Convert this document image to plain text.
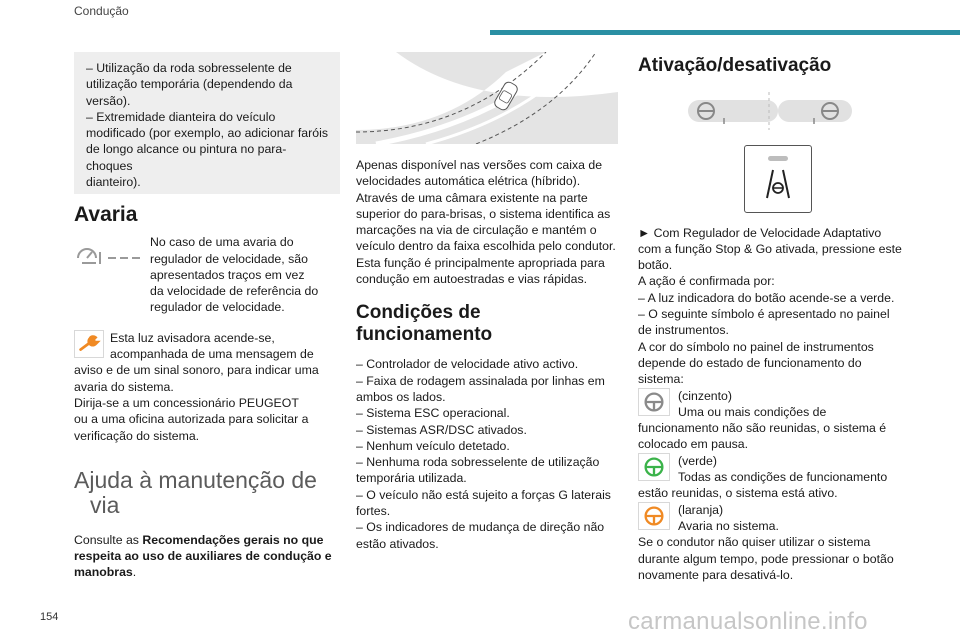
Condução

– Utilização da roda sobresselente de

utilização temporária (dependendo da

versão).

– Extremidade dianteira do veículo

modificado (por exemplo, ao adicionar faróis

de longo alcance ou pintura no para-choques

dianteiro).

Avaria

No caso de uma avaria do

regulador de velocidade, são

apresentados traços em vez

da velocidade de referência do

regulador de velocidade.

Esta luz avisadora acende-se,

acompanhada de uma mensagem de

aviso e de um sinal sonoro, para indicar uma

avaria do sistema.

Dirija-se a um concessionário PEUGEOT

ou a uma oficina autorizada para solicitar a

verificação do sistema.

Ajuda à manutenção de
via

Consulte as Recomendações gerais no que

respeita ao uso de auxiliares de condução e

manobras.

Apenas disponível nas versões com caixa de

velocidades automática elétrica (híbrido).

Através de uma câmara existente na parte

superior do para-brisas, o sistema identifica as

marcações na via de circulação e mantém o

veículo dentro da faixa escolhida pelo condutor.

Esta função é principalmente apropriada para

condução em autoestradas e vias rápidas.

Condições de
funcionamento

– Controlador de velocidade ativo activo.

– Faixa de rodagem assinalada por linhas em

ambos os lados.

– Sistema ESC operacional.

– Sistemas ASR/DSC ativados.

– Nenhum veículo detetado.

– Nenhuma roda sobresselente de utilização

temporária utilizada.

– O veículo não está sujeito a forças G laterais

fortes.

– Os indicadores de mudança de direção não

estão ativados.

Ativação/desativação

► Com Regulador de Velocidade Adaptativo

com a função Stop & Go ativada, pressione este

botão.

A ação é confirmada por:

– A luz indicadora do botão acende-se a verde.

– O seguinte símbolo é apresentado no painel

de instrumentos.

A cor do símbolo no painel de instrumentos

depende do estado de funcionamento do

sistema:

(cinzento)

Uma ou mais condições de

funcionamento não são reunidas, o sistema é

colocado em pausa.

(verde)

Todas as condições de funcionamento

estão reunidas, o sistema está ativo.

(laranja)

Avaria no sistema.

Se o condutor não quiser utilizar o sistema

durante algum tempo, pode pressionar o botão

novamente para desativá-lo.

154	carmanualsonline.info
